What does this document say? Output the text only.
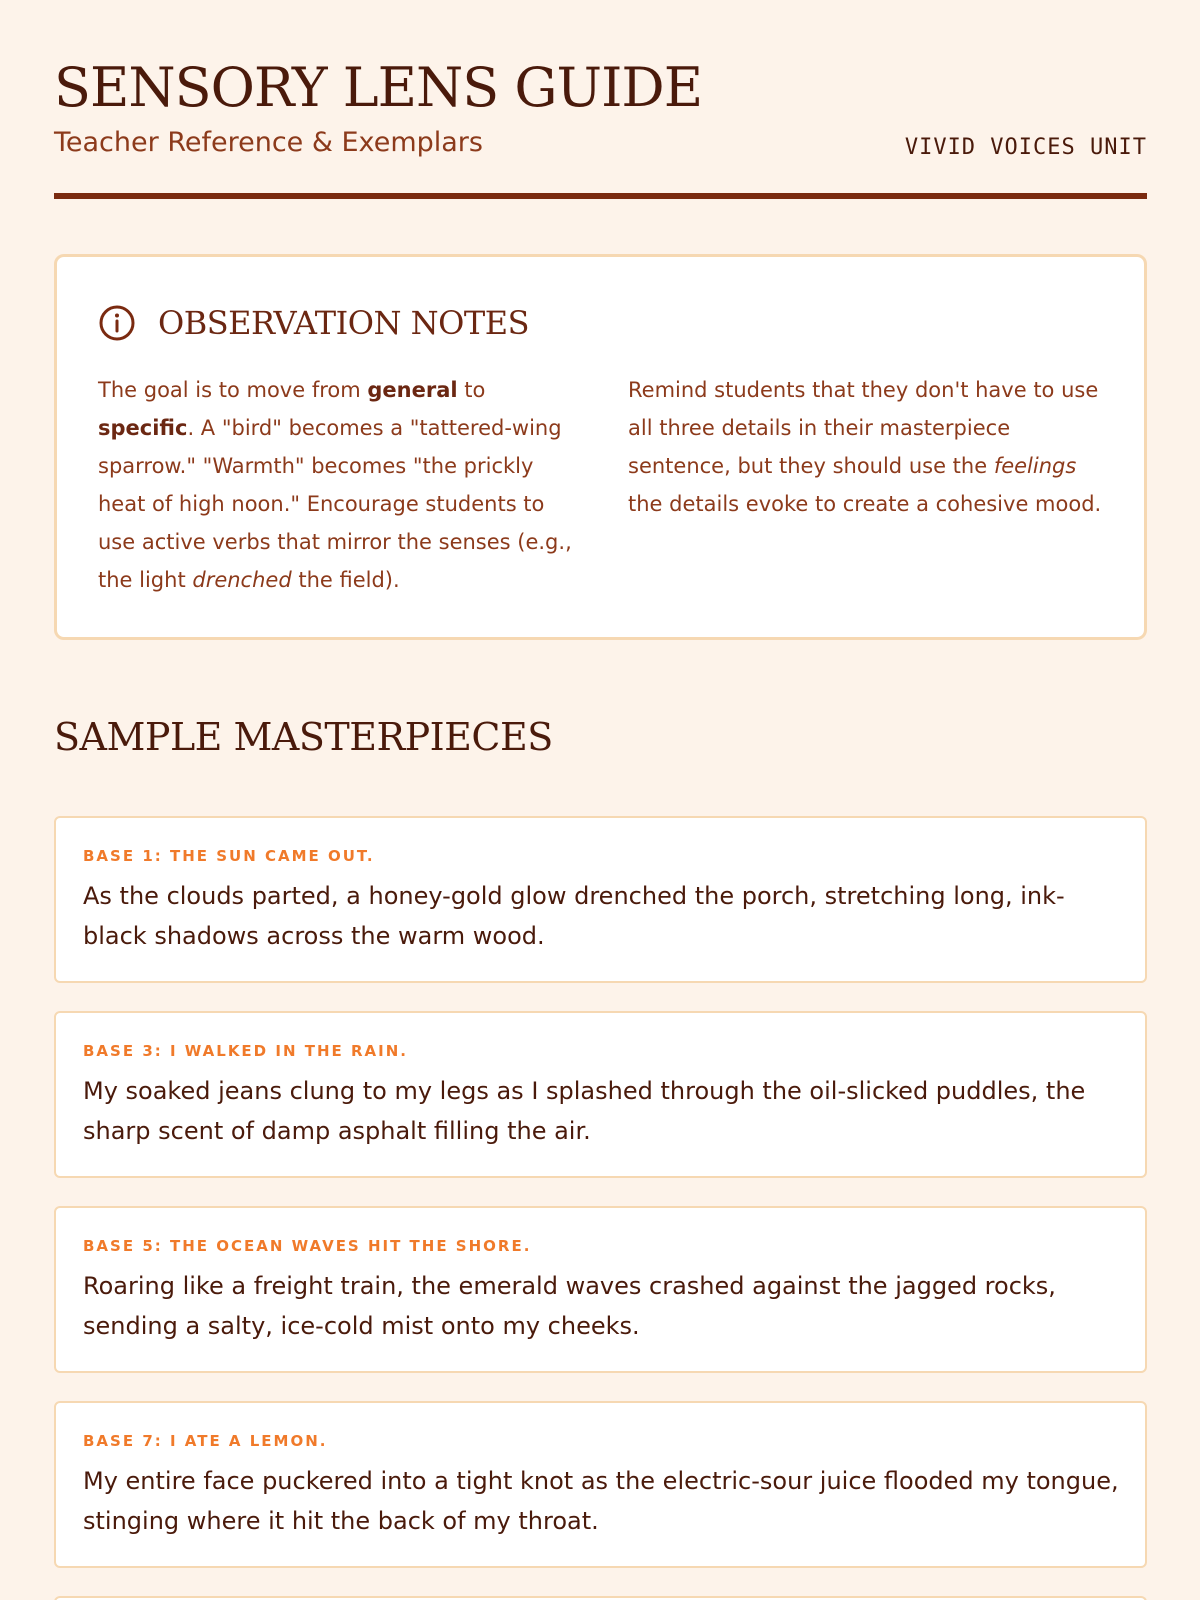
SENSORY LENS GUIDE
Teacher Reference & Exemplars	VIVID VOICES UNIT
OBSERVATION NOTES
The goal is to move from general to specific. A "bird" becomes a "tattered-wing sparrow." "Warmth" becomes "the prickly heat of high noon." Encourage students to use active verbs that mirror the senses (e.g., the light drenched the field).
Remind students that they don't have to use all three details in their masterpiece sentence, but they should use the feelings the details evoke to create a cohesive mood.
SAMPLE MASTERPIECES
BASE 1: THE SUN CAME OUT.
As the clouds parted, a honey-gold glow drenched the porch, stretching long, ink-black shadows across the warm wood.
BASE 3: I WALKED IN THE RAIN.
My soaked jeans clung to my legs as I splashed through the oil-slicked puddles, the sharp scent of damp asphalt filling the air.
BASE 5: THE OCEAN WAVES HIT THE SHORE.
Roaring like a freight train, the emerald waves crashed against the jagged rocks, sending a salty, ice-cold mist onto my cheeks.
BASE 7: I ATE A LEMON.
My entire face puckered into a tight knot as the electric-sour juice flooded my tongue, stinging where it hit the back of my throat.
